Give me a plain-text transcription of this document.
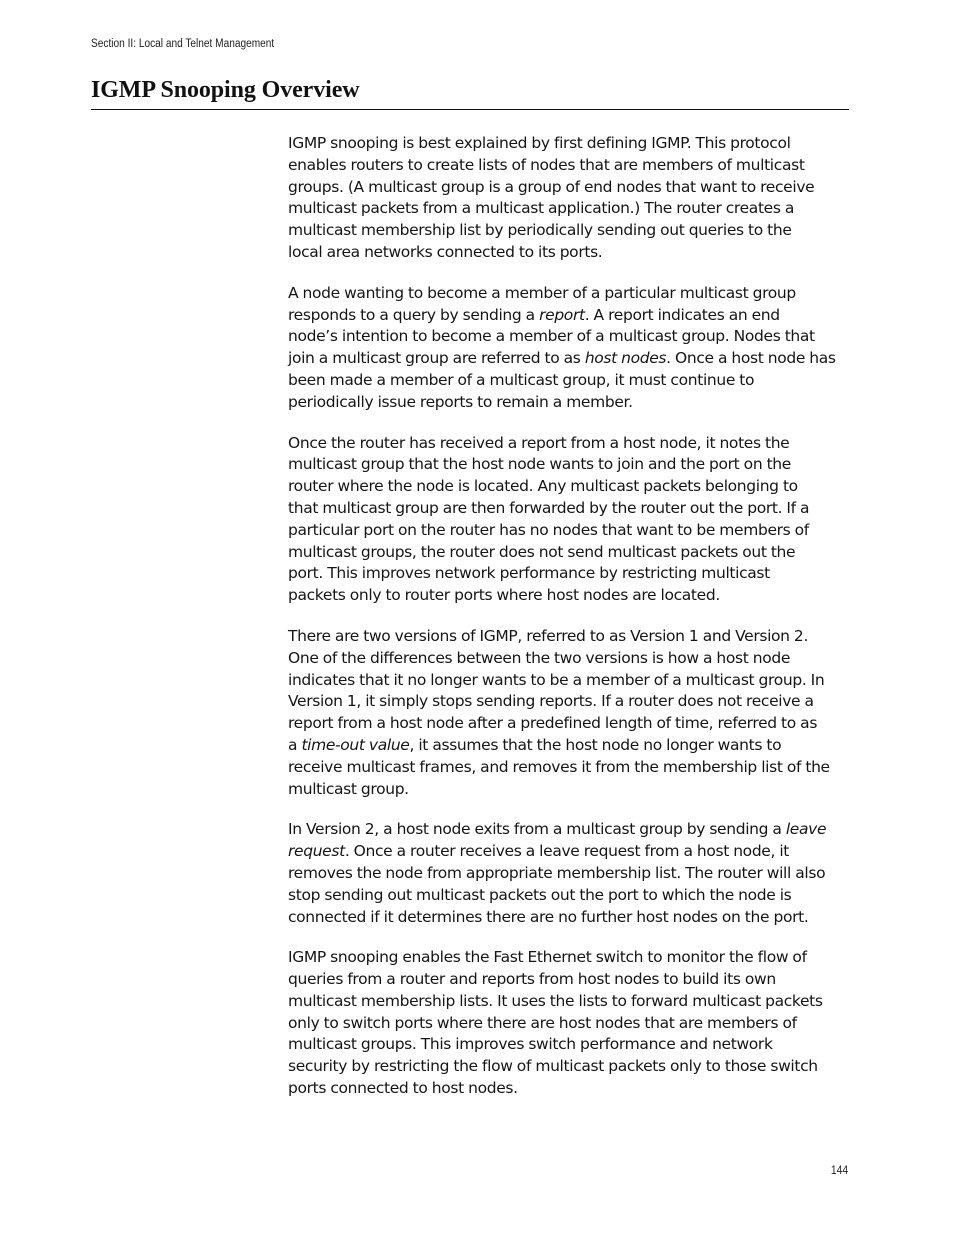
Section II: Local and Telnet Management
IGMP Snooping Overview

IGMP snooping is best explained by first defining IGMP. This protocol
enables routers to create lists of nodes that are members of multicast
groups. (A multicast group is a group of end nodes that want to receive
multicast packets from a multicast application.) The router creates a
multicast membership list by periodically sending out queries to the
local area networks connected to its ports.

A node wanting to become a member of a particular multicast group
responds to a query by sending a report. A report indicates an end
node’s intention to become a member of a multicast group. Nodes that
join a multicast group are referred to as host nodes. Once a host node has
been made a member of a multicast group, it must continue to
periodically issue reports to remain a member.

Once the router has received a report from a host node, it notes the
multicast group that the host node wants to join and the port on the
router where the node is located. Any multicast packets belonging to
that multicast group are then forwarded by the router out the port. If a
particular port on the router has no nodes that want to be members of
multicast groups, the router does not send multicast packets out the
port. This improves network performance by restricting multicast
packets only to router ports where host nodes are located.

There are two versions of IGMP, referred to as Version 1 and Version 2.
One of the differences between the two versions is how a host node
indicates that it no longer wants to be a member of a multicast group. In
Version 1, it simply stops sending reports. If a router does not receive a
report from a host node after a predefined length of time, referred to as
a time-out value, it assumes that the host node no longer wants to
receive multicast frames, and removes it from the membership list of the
multicast group.

In Version 2, a host node exits from a multicast group by sending a leave
request. Once a router receives a leave request from a host node, it
removes the node from appropriate membership list. The router will also
stop sending out multicast packets out the port to which the node is
connected if it determines there are no further host nodes on the port.

IGMP snooping enables the Fast Ethernet switch to monitor the flow of
queries from a router and reports from host nodes to build its own
multicast membership lists. It uses the lists to forward multicast packets
only to switch ports where there are host nodes that are members of
multicast groups. This improves switch performance and network
security by restricting the flow of multicast packets only to those switch
ports connected to host nodes.

144
